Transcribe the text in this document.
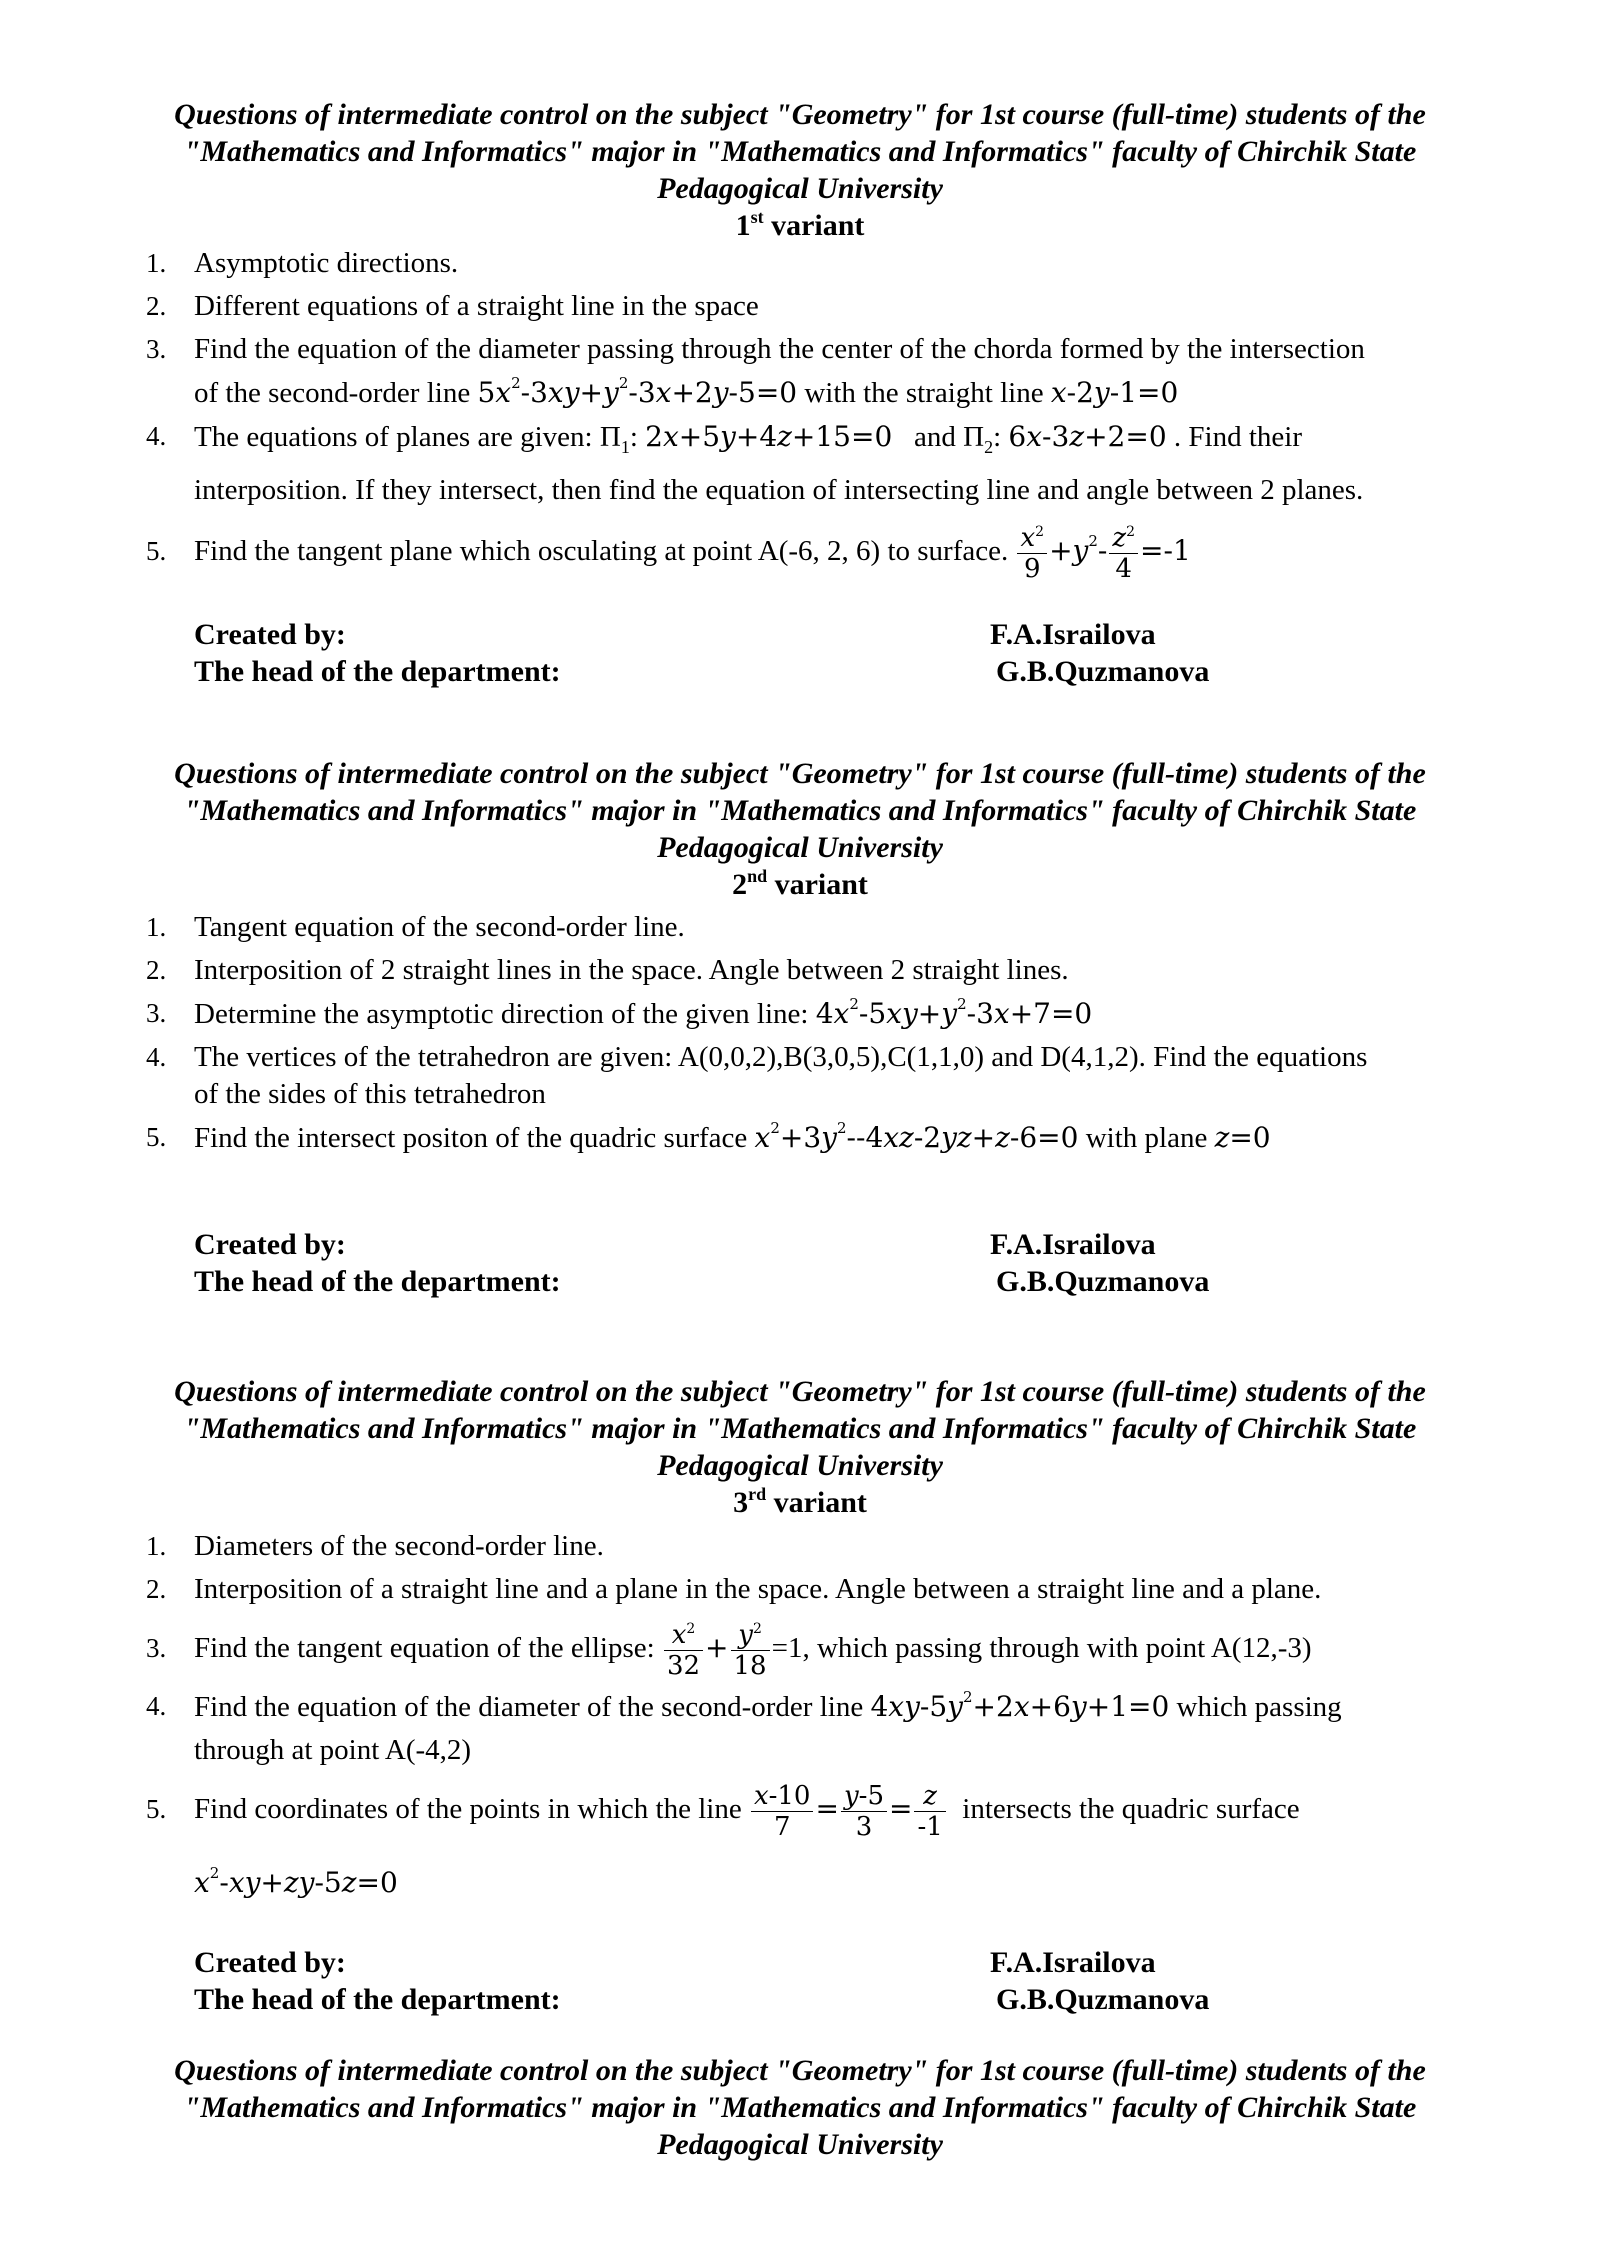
Questions of intermediate control on the subject "Geometry" for 1st course (full-time) students of the
"Mathematics and Informatics" major in "Mathematics and Informatics" faculty of Chirchik State
Pedagogical University
1st variant
1. Asymptotic directions.
2. Different equations of a straight line in the space
3. Find the equation of the diameter passing through the center of the chorda formed by the intersection
of the second-order line $5x^2-3xy+y^2-3x+2y-5=0$ with the straight line x-2y-1=0
4. The equations of planes are given: $\Pi_1$: 2x+5y+4z+15=0 and $\Pi_2$: 6x-3z+2=0 . Find their
interposition. If they intersect, then find the equation of intersecting line and angle between 2 planes.
5. Find the tangent plane which osculating at point A(-6, 2, 6) to surface. $\frac{x^2}{9} +y^2- \frac{z^2}{4} =-1$
Created by:	F.A.Israilova
The head of the department:	G.B.Quzmanova
Questions of intermediate control on the subject "Geometry" for 1st course (full-time) students of the
"Mathematics and Informatics" major in "Mathematics and Informatics" faculty of Chirchik State
Pedagogical University
2nd variant
1. Tangent equation of the second-order line.
2. Interposition of 2 straight lines in the space. Angle between 2 straight lines.
3. Determine the asymptotic direction of the given line: $4x^2-5xy+y^2-3x+7=0$
4. The vertices of the tetrahedron are given: A(0,0,2),B(3,0,5),C(1,1,0) and D(4,1,2). Find the equations
of the sides of this tetrahedron
5. Find the intersect positon of the quadric surface $x^2+3y^2--4xz-2yz+z-6=0$ with plane z=0
Created by:	F.A.Israilova
The head of the department:	G.B.Quzmanova
Questions of intermediate control on the subject "Geometry" for 1st course (full-time) students of the
"Mathematics and Informatics" major in "Mathematics and Informatics" faculty of Chirchik State
Pedagogical University
3rd variant
1. Diameters of the second-order line.
2. Interposition of a straight line and a plane in the space. Angle between a straight line and a plane.
3. Find the tangent equation of the ellipse: $\frac{x^2}{32} + \frac{y^2}{18} =1$, which passing through with point A(12,-3)
4. Find the equation of the diameter of the second-order line $4xy-5y^2+2x+6y+1=0$ which passing
through at point A(-4,2)
5. Find coordinates of the points in which the line $\frac{x-10}{7} = \frac{y-5}{3} = \frac{z}{-1}$ intersects the quadric surface
$x^2-xy+zy-5z=0$
Created by:	F.A.Israilova
The head of the department:	G.B.Quzmanova
Questions of intermediate control on the subject "Geometry" for 1st course (full-time) students of the
"Mathematics and Informatics" major in "Mathematics and Informatics" faculty of Chirchik State
Pedagogical University
